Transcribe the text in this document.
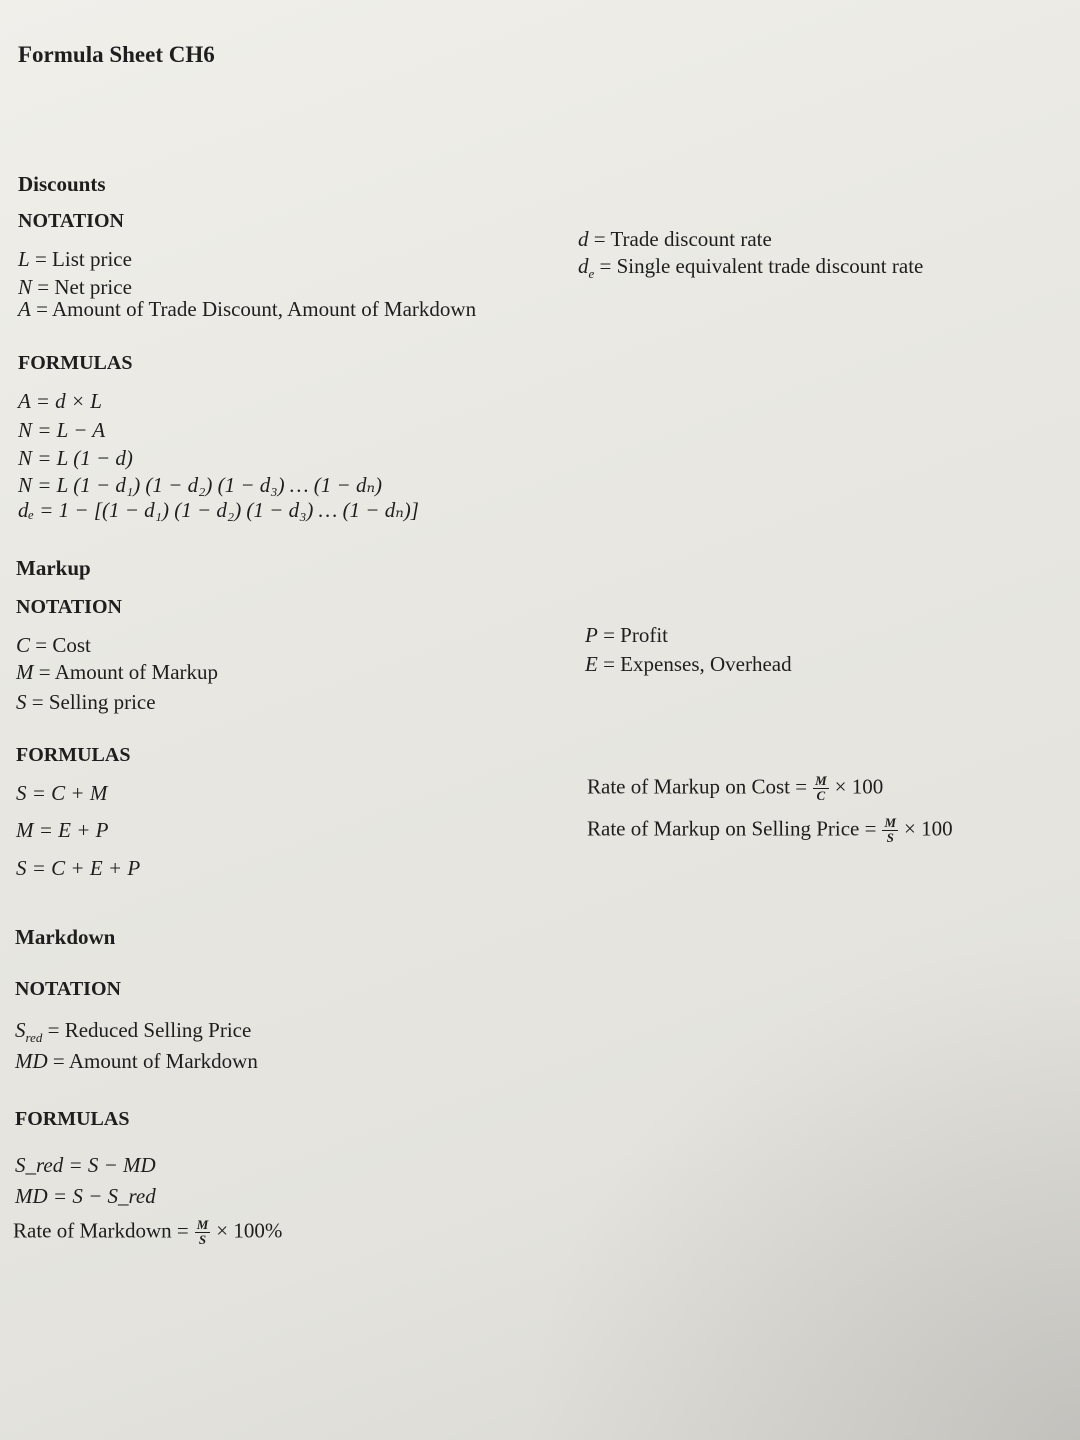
Formula Sheet CH6
Discounts
NOTATION
L = List price
N = Net price
A = Amount of Trade Discount, Amount of Markdown
d = Trade discount rate
$d_e$ = Single equivalent trade discount rate
FORMULAS
A = d × L
N = L − A
N = L (1 − d)
N = L (1 − d₁) (1 − d₂) (1 − d₃) … (1 − dₙ)
dₑ = 1 − [(1 − d₁) (1 − d₂) (1 − d₃) … (1 − dₙ)]
Markup
NOTATION
C = Cost
M = Amount of Markup
S = Selling price
P = Profit
E = Expenses, Overhead
FORMULAS
S = C + M
M = E + P
S = C + E + P
Rate of Markup on Cost = $\frac{M}{C} \times 100$
Rate of Markup on Selling Price = $\frac{M}{S} \times 100$
Markdown
NOTATION
$S_{red}$ = Reduced Selling Price
MD = Amount of Markdown
FORMULAS
S_red = S − MD
MD = S − S_red
Rate of Markdown = $\frac{M}{S} \times 100\%$
